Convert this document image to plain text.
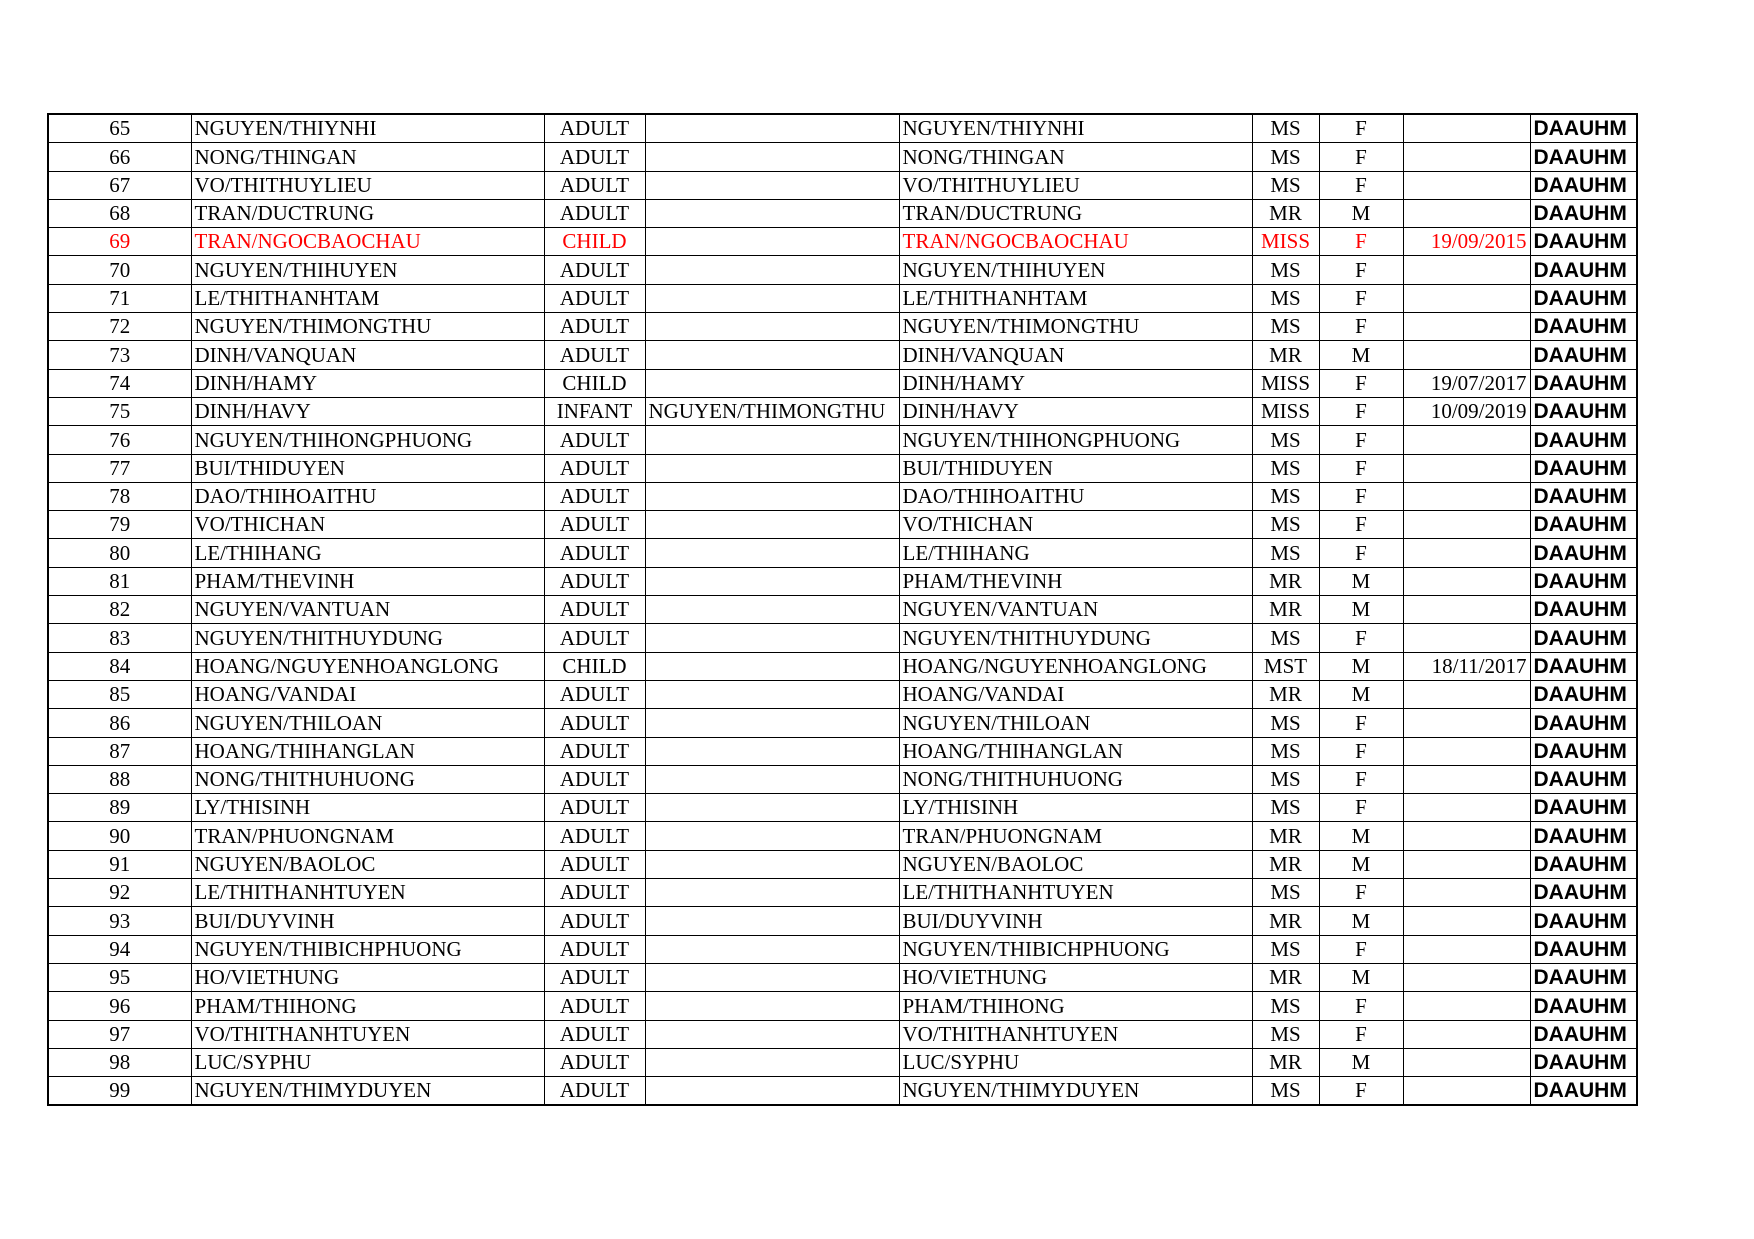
65	NGUYEN/THIYNHI	ADULT		NGUYEN/THIYNHI	MS	F		DAAUHM
66	NONG/THINGAN	ADULT		NONG/THINGAN	MS	F		DAAUHM
67	VO/THITHUYLIEU	ADULT		VO/THITHUYLIEU	MS	F		DAAUHM
68	TRAN/DUCTRUNG	ADULT		TRAN/DUCTRUNG	MR	M		DAAUHM
69	TRAN/NGOCBAOCHAU	CHILD		TRAN/NGOCBAOCHAU	MISS	F	19/09/2015	DAAUHM
70	NGUYEN/THIHUYEN	ADULT		NGUYEN/THIHUYEN	MS	F		DAAUHM
71	LE/THITHANHTAM	ADULT		LE/THITHANHTAM	MS	F		DAAUHM
72	NGUYEN/THIMONGTHU	ADULT		NGUYEN/THIMONGTHU	MS	F		DAAUHM
73	DINH/VANQUAN	ADULT		DINH/VANQUAN	MR	M		DAAUHM
74	DINH/HAMY	CHILD		DINH/HAMY	MISS	F	19/07/2017	DAAUHM
75	DINH/HAVY	INFANT	NGUYEN/THIMONGTHU	DINH/HAVY	MISS	F	10/09/2019	DAAUHM
76	NGUYEN/THIHONGPHUONG	ADULT		NGUYEN/THIHONGPHUONG	MS	F		DAAUHM
77	BUI/THIDUYEN	ADULT		BUI/THIDUYEN	MS	F		DAAUHM
78	DAO/THIHOAITHU	ADULT		DAO/THIHOAITHU	MS	F		DAAUHM
79	VO/THICHAN	ADULT		VO/THICHAN	MS	F		DAAUHM
80	LE/THIHANG	ADULT		LE/THIHANG	MS	F		DAAUHM
81	PHAM/THEVINH	ADULT		PHAM/THEVINH	MR	M		DAAUHM
82	NGUYEN/VANTUAN	ADULT		NGUYEN/VANTUAN	MR	M		DAAUHM
83	NGUYEN/THITHUYDUNG	ADULT		NGUYEN/THITHUYDUNG	MS	F		DAAUHM
84	HOANG/NGUYENHOANGLONG	CHILD		HOANG/NGUYENHOANGLONG	MST	M	18/11/2017	DAAUHM
85	HOANG/VANDAI	ADULT		HOANG/VANDAI	MR	M		DAAUHM
86	NGUYEN/THILOAN	ADULT		NGUYEN/THILOAN	MS	F		DAAUHM
87	HOANG/THIHANGLAN	ADULT		HOANG/THIHANGLAN	MS	F		DAAUHM
88	NONG/THITHUHUONG	ADULT		NONG/THITHUHUONG	MS	F		DAAUHM
89	LY/THISINH	ADULT		LY/THISINH	MS	F		DAAUHM
90	TRAN/PHUONGNAM	ADULT		TRAN/PHUONGNAM	MR	M		DAAUHM
91	NGUYEN/BAOLOC	ADULT		NGUYEN/BAOLOC	MR	M		DAAUHM
92	LE/THITHANHTUYEN	ADULT		LE/THITHANHTUYEN	MS	F		DAAUHM
93	BUI/DUYVINH	ADULT		BUI/DUYVINH	MR	M		DAAUHM
94	NGUYEN/THIBICHPHUONG	ADULT		NGUYEN/THIBICHPHUONG	MS	F		DAAUHM
95	HO/VIETHUNG	ADULT		HO/VIETHUNG	MR	M		DAAUHM
96	PHAM/THIHONG	ADULT		PHAM/THIHONG	MS	F		DAAUHM
97	VO/THITHANHTUYEN	ADULT		VO/THITHANHTUYEN	MS	F		DAAUHM
98	LUC/SYPHU	ADULT		LUC/SYPHU	MR	M		DAAUHM
99	NGUYEN/THIMYDUYEN	ADULT		NGUYEN/THIMYDUYEN	MS	F		DAAUHM
